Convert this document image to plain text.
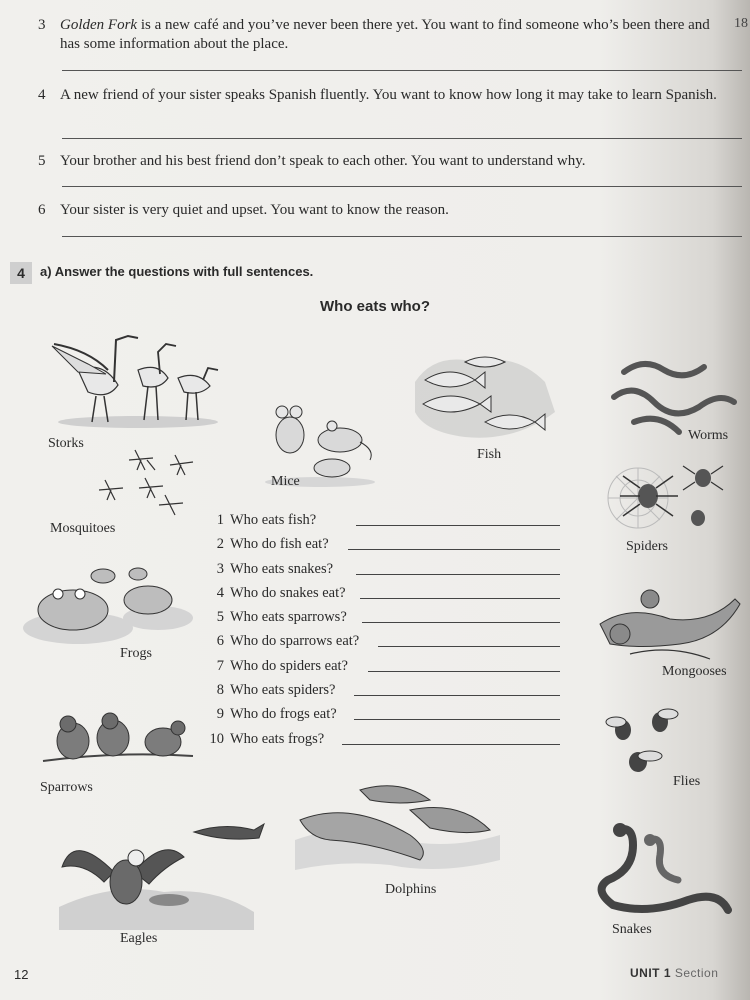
3 Golden Fork is a new café and you’ve never been there yet. You want to find someone who’s been there and has some information about the place.
4 A new friend of your sister speaks Spanish fluently. You want to know how long it may take to learn Spanish.
5 Your brother and his best friend don’t speak to each other. You want to understand why.
6 Your sister is very quiet and upset. You want to know the reason.
18
4	a) Answer the questions with full sentences.
Who eats who?
Storks
Mice
Fish
Worms
Mosquitoes
Spiders
Frogs
Mongooses
Sparrows	Flies
Eagles
Dolphins
Snakes
1 Who eats fish?
2 Who do fish eat?
3 Who eats snakes?
4 Who do snakes eat?
5 Who eats sparrows?
6 Who do sparrows eat?
7 Who do spiders eat?
8 Who eats spiders?
9 Who do frogs eat?
10 Who eats frogs?
12	UNIT 1 Section
